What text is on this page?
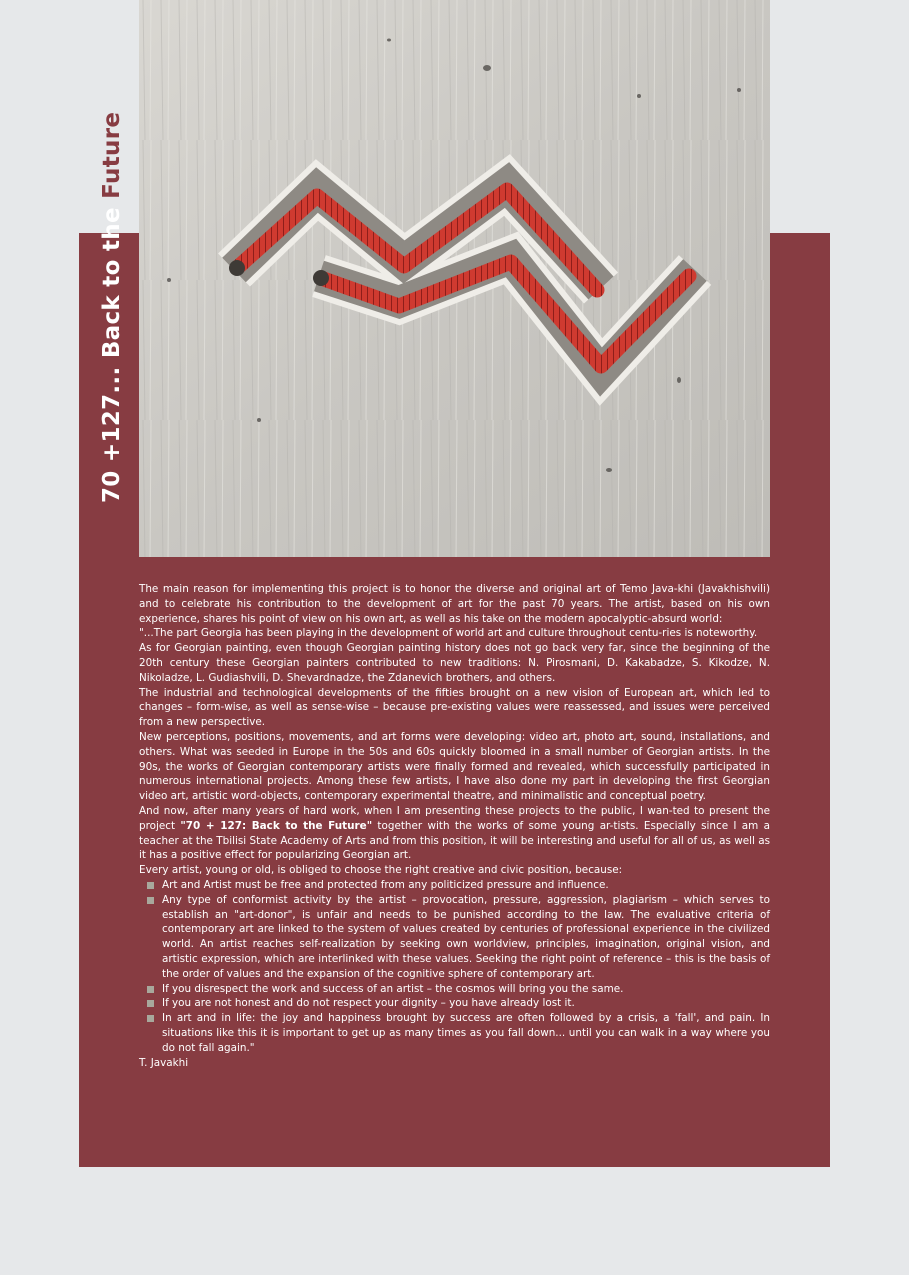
70 +127... Back to the Future

The main reason for implementing this project is to honor the diverse and original art of Temo Java-khi (Javakhishvili) and to celebrate his contribution to the development of art for the past 70 years. The artist, based on his own experience, shares his point of view on his own art, as well as his take on the modern apocalyptic-absurd world:

"...The part Georgia has been playing in the development of world art and culture throughout centu-ries is noteworthy.

As for Georgian painting, even though Georgian painting history does not go back very far, since the beginning of the 20th century these Georgian painters contributed to new traditions: N. Pirosmani, D. Kakabadze, S. Kikodze, N. Nikoladze, L. Gudiashvili, D. Shevardnadze, the Zdanevich brothers, and others.

The industrial and technological developments of the fifties brought on a new vision of European art, which led to changes – form-wise, as well as sense-wise – because pre-existing values were reassessed, and issues were perceived from a new perspective.

New perceptions, positions, movements, and art forms were developing: video art, photo art, sound, installations, and others. What was seeded in Europe in the 50s and 60s quickly bloomed in a small number of Georgian artists. In the 90s, the works of Georgian contemporary artists were finally formed and revealed, which successfully participated in numerous international projects. Among these few artists, I have also done my part in developing the first Georgian video art, artistic word-objects, contemporary experimental theatre, and minimalistic and conceptual poetry.

And now, after many years of hard work, when I am presenting these projects to the public, I wan-ted to present the project "70 + 127: Back to the Future" together with the works of some young ar-tists. Especially since I am a teacher at the Tbilisi State Academy of Arts and from this position, it will be interesting and useful for all of us, as well as it has a positive effect for popularizing Georgian art.

Every artist, young or old, is obliged to choose the right creative and civic position, because:

Art and Artist must be free and protected from any politicized pressure and influence.
Any type of conformist activity by the artist – provocation, pressure, aggression, plagiarism – which serves to establish an "art-donor", is unfair and needs to be punished according to the law. The evaluative criteria of contemporary art are linked to the system of values created by centuries of professional experience in the civilized world. An artist reaches self-realization by seeking own worldview, principles, imagination, original vision, and artistic expression, which are interlinked with these values. Seeking the right point of reference – this is the basis of the order of values and the expansion of the cognitive sphere of contemporary art.
If you disrespect the work and success of an artist – the cosmos will bring you the same.
If you are not honest and do not respect your dignity – you have already lost it.
In art and in life: the joy and happiness brought by success are often followed by a crisis, a 'fall', and pain. In situations like this it is important to get up as many times as you fall down... until you can walk in a way where you do not fall again."

T. Javakhi
